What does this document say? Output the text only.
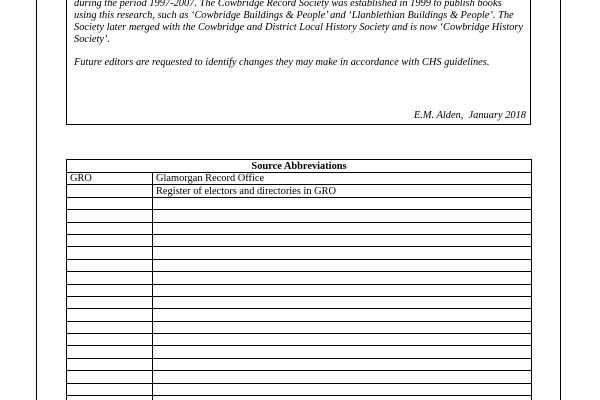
during the period 1997-2007. The Cowbridge Record Society was established in 1999 to publish books using this research, such as ‘Cowbridge Buildings & People’ and ‘Llanblethian Buildings & People’. The Society later merged with the Cowbridge and District Local History Society and is now ‘Cowbridge History Society’.

Future editors are requested to identify changes they may make in accordance with CHS guidelines.

E.M. Alden,  January 2018
Source Abbreviations	
GRO	Glamorgan Record Office
	Register of electors and directories in GRO
